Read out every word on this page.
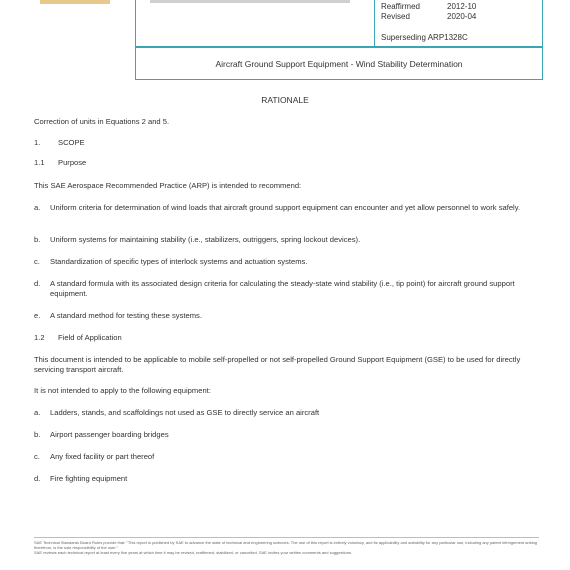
Reaffirmed	2012-10
Revised	2020-04
Superseding ARP1328C
Aircraft Ground Support Equipment - Wind Stability Determination
RATIONALE
Correction of units in Equations 2 and 5.
1.	SCOPE
1.1	Purpose
This SAE Aerospace Recommended Practice (ARP) is intended to recommend:
a.	Uniform criteria for determination of wind loads that aircraft ground support equipment can encounter and yet allow personnel to work safely.
b.	Uniform systems for maintaining stability (i.e., stabilizers, outriggers, spring lockout devices).
c.	Standardization of specific types of interlock systems and actuation systems.
d.	A standard formula with its associated design criteria for calculating the steady-state wind stability (i.e., tip point) for aircraft ground support equipment.
e.	A standard method for testing these systems.
1.2	Field of Application
This document is intended to be applicable to mobile self-propelled or not self-propelled Ground Support Equipment (GSE) to be used for directly servicing transport aircraft.
It is not intended to apply to the following equipment:
a.	Ladders, stands, and scaffoldings not used as GSE to directly service an aircraft
b.	Airport passenger boarding bridges
c.	Any fixed facility or part thereof
d.	Fire fighting equipment
SAE Technical Standards Board Rules provide that: "This report is published by SAE to advance the state of technical and engineering sciences. The use of this report is entirely voluntary, and its applicability and suitability for any particular use, including any patent infringement arising therefrom, is the sole responsibility of the user."
SAE reviews each technical report at least every five years at which time it may be revised, reaffirmed, stabilized, or cancelled. SAE invites your written comments and suggestions.
